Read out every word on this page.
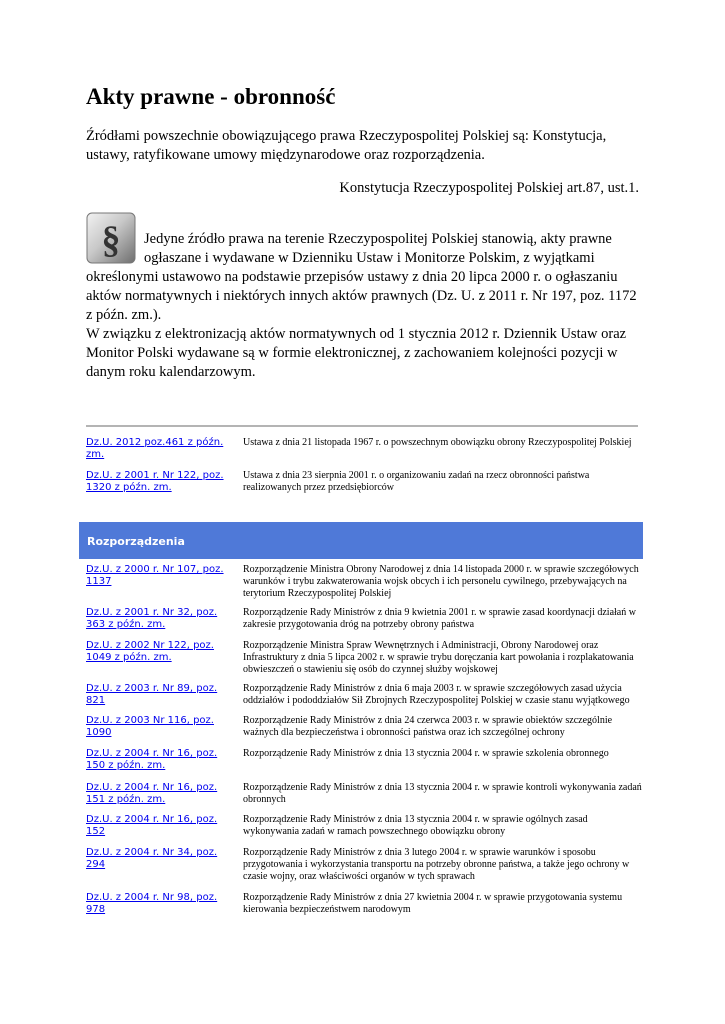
Akty prawne - obronność

Źródłami powszechnie obowiązującego prawa Rzeczypospolitej Polskiej są: Konstytucja, ustawy, ratyfikowane umowy międzynarodowe oraz rozporządzenia.

Konstytucja Rzeczypospolitej Polskiej art.87, ust.1.

§	Jedyne źródło prawa na terenie Rzeczypospolitej Polskiej stanowią, akty prawne ogłaszane i wydawane w Dzienniku Ustaw i Monitorze Polskim, z wyjątkami określonymi ustawowo na podstawie przepisów ustawy z dnia 20 lipca 2000 r. o ogłaszaniu aktów normatywnych i niektórych innych aktów prawnych (Dz. U. z 2011 r. Nr 197, poz. 1172 z późn. zm.).

W związku z elektronizacją aktów normatywnych od 1 stycznia 2012 r. Dziennik Ustaw oraz Monitor Polski wydawane są w formie elektronicznej, z zachowaniem kolejności pozycji w danym roku kalendarzowym.

Dz.U. 2012 poz.461 z późn. zm.
Ustawa z dnia 21 listopada 1967 r. o powszechnym obowiązku obrony Rzeczypospolitej Polskiej
Dz.U. z 2001 r. Nr 122, poz. 1320 z późn. zm.
Ustawa z dnia 23 sierpnia 2001 r. o organizowaniu zadań na rzecz obronności państwa realizowanych przez przedsiębiorców
Rozporządzenia
Dz.U. z 2000 r. Nr 107, poz. 1137
Rozporządzenie Ministra Obrony Narodowej z dnia 14 listopada 2000 r. w sprawie szczegółowych warunków i trybu zakwaterowania wojsk obcych i ich personelu cywilnego, przebywających na terytorium Rzeczypospolitej Polskiej
Dz.U. z 2001 r. Nr 32, poz. 363 z późn. zm.
Rozporządzenie Rady Ministrów z dnia 9 kwietnia 2001 r. w sprawie zasad koordynacji działań w zakresie przygotowania dróg na potrzeby obrony państwa
Dz.U. z 2002 Nr 122, poz. 1049 z późn. zm.
Rozporządzenie Ministra Spraw Wewnętrznych i Administracji, Obrony Narodowej oraz Infrastruktury z dnia 5 lipca 2002 r. w sprawie trybu doręczania kart powołania i rozplakatowania obwieszczeń o stawieniu się osób do czynnej służby wojskowej
Dz.U. z 2003 r. Nr 89, poz. 821
Rozporządzenie Rady Ministrów z dnia 6 maja 2003 r. w sprawie szczegółowych zasad użycia oddziałów i pododdziałów Sił Zbrojnych Rzeczypospolitej Polskiej w czasie stanu wyjątkowego
Dz.U. z 2003 Nr 116, poz. 1090
Rozporządzenie Rady Ministrów z dnia 24 czerwca 2003 r. w sprawie obiektów szczególnie ważnych dla bezpieczeństwa i obronności państwa oraz ich szczególnej ochrony
Dz.U. z 2004 r. Nr 16, poz. 150 z późn. zm.
Rozporządzenie Rady Ministrów z dnia 13 stycznia 2004 r. w sprawie szkolenia obronnego
Dz.U. z 2004 r. Nr 16, poz. 151 z późn. zm.
Rozporządzenie Rady Ministrów z dnia 13 stycznia 2004 r. w sprawie kontroli wykonywania zadań obronnych
Dz.U. z 2004 r. Nr 16, poz. 152
Rozporządzenie Rady Ministrów z dnia 13 stycznia 2004 r. w sprawie ogólnych zasad wykonywania zadań w ramach powszechnego obowiązku obrony
Dz.U. z 2004 r. Nr 34, poz. 294
Rozporządzenie Rady Ministrów z dnia 3 lutego 2004 r. w sprawie warunków i sposobu przygotowania i wykorzystania transportu na potrzeby obronne państwa, a także jego ochrony w czasie wojny, oraz właściwości organów w tych sprawach
Dz.U. z 2004 r. Nr 98, poz. 978
Rozporządzenie Rady Ministrów z dnia 27 kwietnia 2004 r. w sprawie przygotowania systemu kierowania bezpieczeństwem narodowym
